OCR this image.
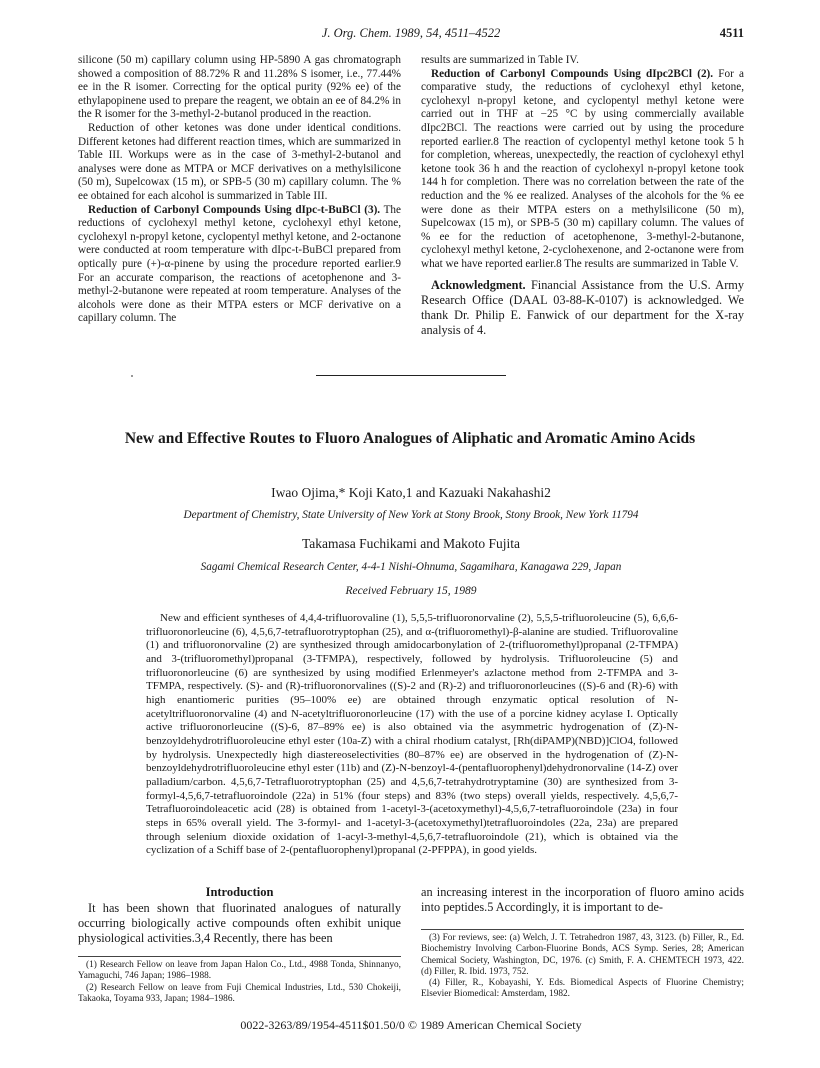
J. Org. Chem. 1989, 54, 4511–4522	4511

silicone (50 m) capillary column using HP-5890 A gas chromatograph showed a composition of 88.72% R and 11.28% S isomer, i.e., 77.44% ee in the R isomer. Correcting for the optical purity (92% ee) of the ethylapopinene used to prepare the reagent, we obtain an ee of 84.2% in the R isomer for the 3-methyl-2-butanol produced in the reaction.

Reduction of other ketones was done under identical conditions. Different ketones had different reaction times, which are summarized in Table III. Workups were as in the case of 3-methyl-2-butanol and analyses were done as MTPA or MCF derivatives on a methylsilicone (50 m), Supelcowax (15 m), or SPB-5 (30 m) capillary column. The % ee obtained for each alcohol is summarized in Table III.

Reduction of Carbonyl Compounds Using dIpc-t-BuBCl (3). The reductions of cyclohexyl methyl ketone, cyclohexyl ethyl ketone, cyclohexyl n-propyl ketone, cyclopentyl methyl ketone, and 2-octanone were conducted at room temperature with dIpc-t-BuBCl prepared from optically pure (+)-α-pinene by using the procedure reported earlier.9 For an accurate comparison, the reactions of acetophenone and 3-methyl-2-butanone were repeated at room temperature. Analyses of the alcohols were done as their MTPA esters or MCF derivative on a capillary column. The

results are summarized in Table IV.

Reduction of Carbonyl Compounds Using dIpc2BCl (2). For a comparative study, the reductions of cyclohexyl ethyl ketone, cyclohexyl n-propyl ketone, and cyclopentyl methyl ketone were carried out in THF at −25 °C by using commercially available dIpc2BCl. The reactions were carried out by using the procedure reported earlier.8 The reaction of cyclopentyl methyl ketone took 5 h for completion, whereas, unexpectedly, the reaction of cyclohexyl ethyl ketone took 36 h and the reaction of cyclohexyl n-propyl ketone took 144 h for completion. There was no correlation between the rate of the reduction and the % ee realized. Analyses of the alcohols for the % ee were done as their MTPA esters on a methylsilicone (50 m), Supelcowax (15 m), or SPB-5 (30 m) capillary column. The values of % ee for the reduction of acetophenone, 3-methyl-2-butanone, cyclohexyl methyl ketone, 2-cyclohexenone, and 2-octanone were from what we have reported earlier.8 The results are summarized in Table V.

Acknowledgment. Financial Assistance from the U.S. Army Research Office (DAAL 03-88-K-0107) is acknowledged. We thank Dr. Philip E. Fanwick of our department for the X-ray analysis of 4.

New and Effective Routes to Fluoro Analogues of Aliphatic and Aromatic Amino Acids
Iwao Ojima,* Koji Kato,1 and Kazuaki Nakahashi2
Department of Chemistry, State University of New York at Stony Brook, Stony Brook, New York 11794
Takamasa Fuchikami and Makoto Fujita
Sagami Chemical Research Center, 4-4-1 Nishi-Ohnuma, Sagamihara, Kanagawa 229, Japan
Received February 15, 1989

New and efficient syntheses of 4,4,4-trifluorovaline (1), 5,5,5-trifluoronorvaline (2), 5,5,5-trifluoroleucine (5), 6,6,6-trifluoronorleucine (6), 4,5,6,7-tetrafluorotryptophan (25), and α-(trifluoromethyl)-β-alanine are studied. Trifluorovaline (1) and trifluoronorvaline (2) are synthesized through amidocarbonylation of 2-(trifluoromethyl)propanal (2-TFMPA) and 3-(trifluoromethyl)propanal (3-TFMPA), respectively, followed by hydrolysis. Trifluoroleucine (5) and trifluoronorleucine (6) are synthesized by using modified Erlenmeyer's azlactone method from 2-TFMPA and 3-TFMPA, respectively. (S)- and (R)-trifluoronorvalines ((S)-2 and (R)-2) and trifluoronorleucines ((S)-6 and (R)-6) with high enantiomeric purities (95–100% ee) are obtained through enzymatic optical resolution of N-acetyltrifluoronorvaline (4) and N-acetyltrifluoronorleucine (17) with the use of a porcine kidney acylase I. Optically active trifluoronorleucine ((S)-6, 87–89% ee) is also obtained via the asymmetric hydrogenation of (Z)-N-benzoyldehydrotrifluoroleucine ethyl ester (10a-Z) with a chiral rhodium catalyst, [Rh(diPAMP)(NBD)]ClO4, followed by hydrolysis. Unexpectedly high diastereoselectivities (80–87% ee) are observed in the hydrogenation of (Z)-N-benzoyldehydrotrifluoroleucine ethyl ester (11b) and (Z)-N-benzoyl-4-(pentafluorophenyl)dehydronorvaline (14-Z) over palladium/carbon. 4,5,6,7-Tetrafluorotryptophan (25) and 4,5,6,7-tetrahydrotryptamine (30) are synthesized from 3-formyl-4,5,6,7-tetrafluoroindole (22a) in 51% (four steps) and 83% (two steps) overall yields, respectively. 4,5,6,7-Tetrafluoroindoleacetic acid (28) is obtained from 1-acetyl-3-(acetoxymethyl)-4,5,6,7-tetrafluoroindole (23a) in four steps in 65% overall yield. The 3-formyl- and 1-acetyl-3-(acetoxymethyl)tetrafluoroindoles (22a, 23a) are prepared through selenium dioxide oxidation of 1-acyl-3-methyl-4,5,6,7-tetrafluoroindole (21), which is obtained via the cyclization of a Schiff base of 2-(pentafluorophenyl)propanal (2-PFPPA), in good yields.

Introduction

It has been shown that fluorinated analogues of naturally occurring biologically active compounds often exhibit unique physiological activities.3,4 Recently, there has been

an increasing interest in the incorporation of fluoro amino acids into peptides.5 Accordingly, it is important to de-

(1) Research Fellow on leave from Japan Halon Co., Ltd., 4988 Tonda, Shinnanyo, Yamaguchi, 746 Japan; 1986–1988.

(2) Research Fellow on leave from Fuji Chemical Industries, Ltd., 530 Chokeiji, Takaoka, Toyama 933, Japan; 1984–1986.

(3) For reviews, see: (a) Welch, J. T. Tetrahedron 1987, 43, 3123. (b) Filler, R., Ed. Biochemistry Involving Carbon-Fluorine Bonds, ACS Symp. Series, 28; American Chemical Society, Washington, DC, 1976. (c) Smith, F. A. CHEMTECH 1973, 422. (d) Filler, R. Ibid. 1973, 752.

(4) Filler, R., Kobayashi, Y. Eds. Biomedical Aspects of Fluorine Chemistry; Elsevier Biomedical: Amsterdam, 1982.

0022-3263/89/1954-4511$01.50/0 © 1989 American Chemical Society
